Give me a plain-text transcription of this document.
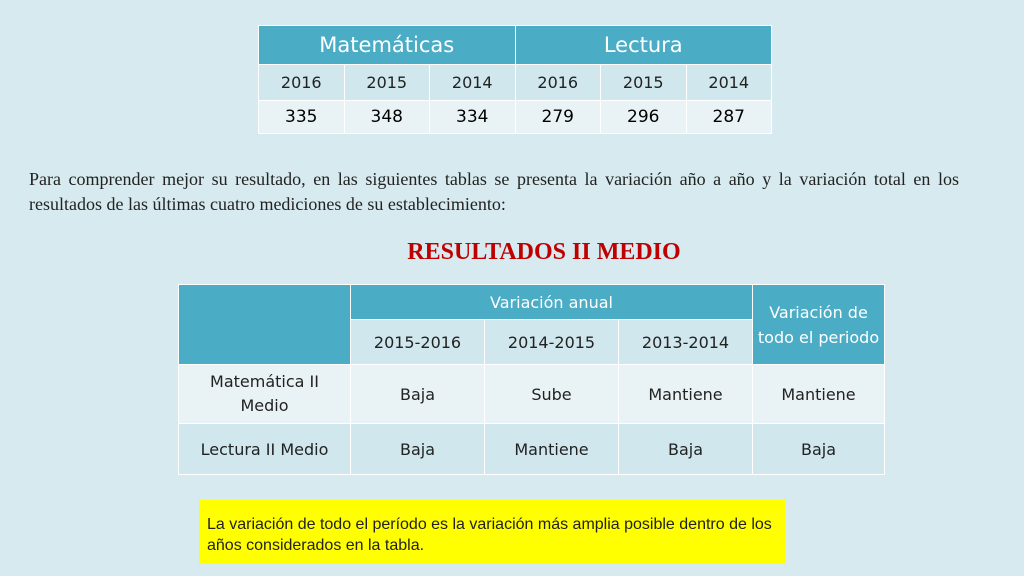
Matemáticas			Lectura		
2016	2015	2014	2016	2015	2014
335	348	334	279	296	287

Para comprender mejor su resultado, en las siguientes tablas se presenta la variación año a año y la variación total en los resultados de las últimas cuatro mediciones de su establecimiento:

RESULTADOS II MEDIO
	Variación anual			Variación de todo el periodo
	2015-2016	2014-2015	2013-2014	
Matemática II Medio	Baja	Sube	Mantiene	Mantiene
Lectura II Medio	Baja	Mantiene	Baja	Baja
La variación de todo el período es la variación más amplia posible dentro de los años considerados en la tabla.
